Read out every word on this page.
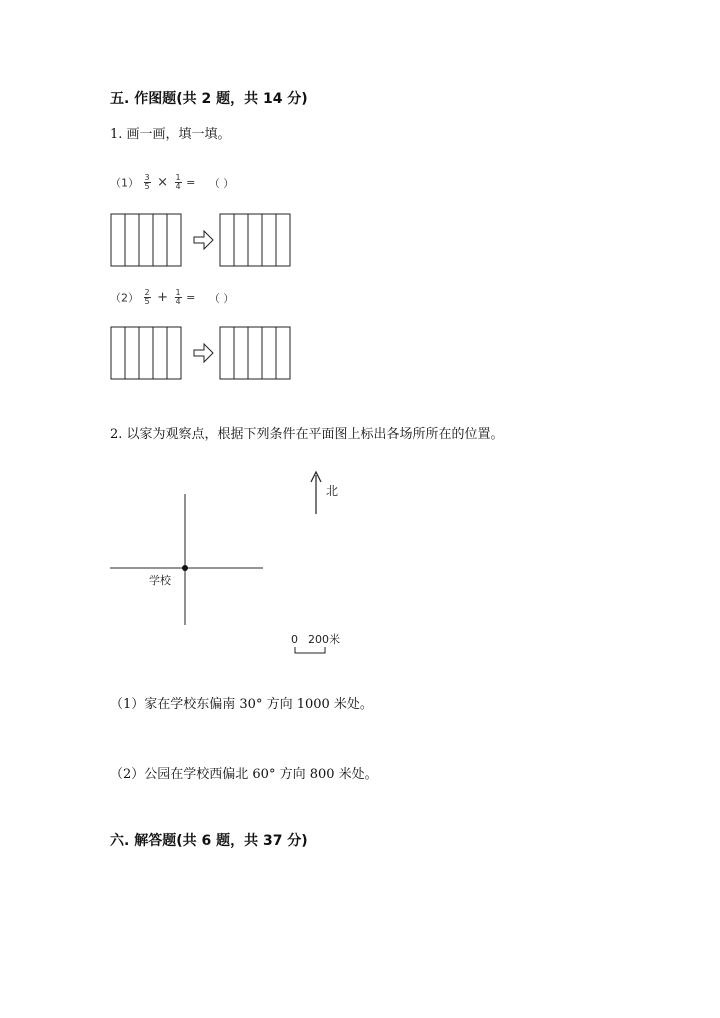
五. 作图题(共 2 题，共 14 分)
1. 画一画，填一填。
$(1) \frac{3}{5} \times \frac{1}{4}$ = （ ）
$(2) \frac{2}{5} + \frac{1}{4}$ = （ ）
2. 以家为观察点，根据下列条件在平面图上标出各场所所在的位置。
北
学校
0 200米
（1）家在学校东偏南 30° 方向 1000 米处。
（2）公园在学校西偏北 60° 方向 800 米处。
六. 解答题(共 6 题，共 37 分)
